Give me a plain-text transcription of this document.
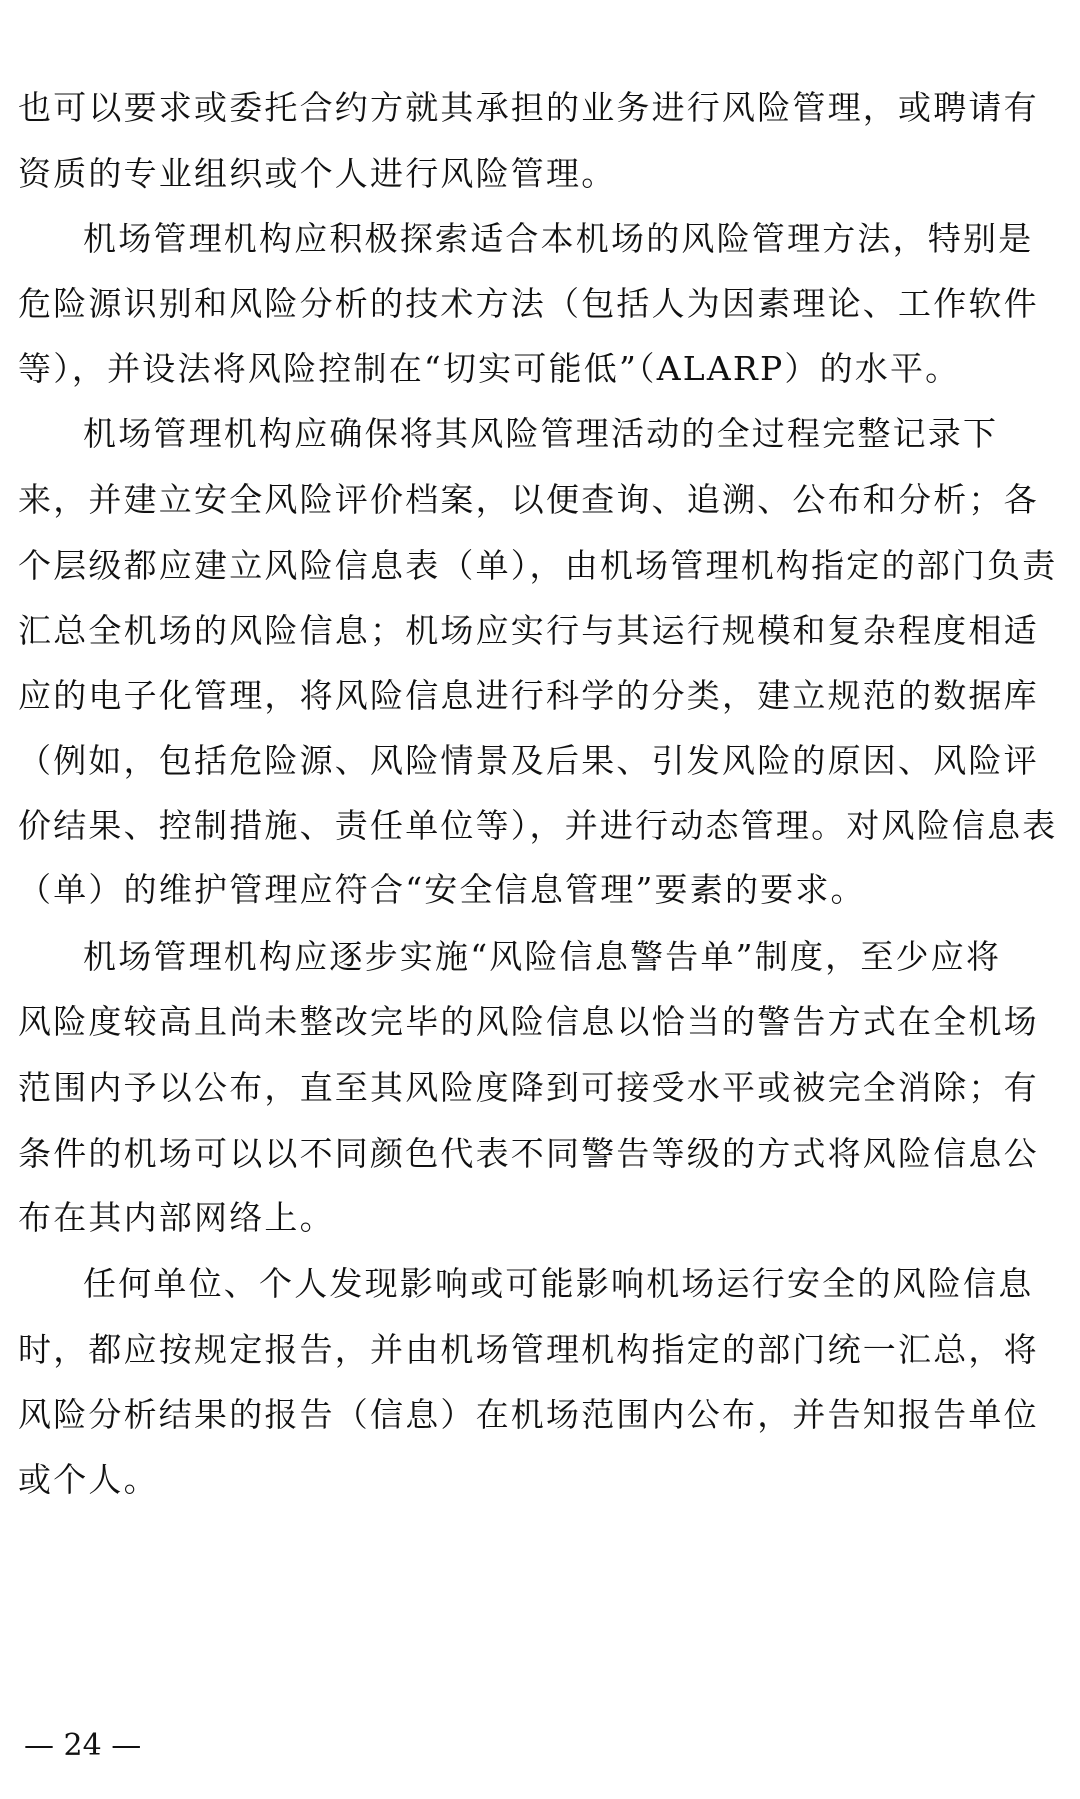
也可以要求或委托合约方就其承担的业务进行风险管理，或聘请有
资质的专业组织或个人进行风险管理。
机场管理机构应积极探索适合本机场的风险管理方法，特别是
危险源识别和风险分析的技术方法（包括人为因素理论、工作软件
等），并设法将风险控制在“切实可能低”（ALARP）的水平。
机场管理机构应确保将其风险管理活动的全过程完整记录下
来，并建立安全风险评价档案，以便查询、追溯、公布和分析；各
个层级都应建立风险信息表（单），由机场管理机构指定的部门负责
汇总全机场的风险信息；机场应实行与其运行规模和复杂程度相适
应的电子化管理，将风险信息进行科学的分类，建立规范的数据库
（例如，包括危险源、风险情景及后果、引发风险的原因、风险评
价结果、控制措施、责任单位等），并进行动态管理。对风险信息表
（单）的维护管理应符合“安全信息管理”要素的要求。
机场管理机构应逐步实施“风险信息警告单”制度，至少应将
风险度较高且尚未整改完毕的风险信息以恰当的警告方式在全机场
范围内予以公布，直至其风险度降到可接受水平或被完全消除；有
条件的机场可以以不同颜色代表不同警告等级的方式将风险信息公
布在其内部网络上。
任何单位、个人发现影响或可能影响机场运行安全的风险信息
时，都应按规定报告，并由机场管理机构指定的部门统一汇总，将
风险分析结果的报告（信息）在机场范围内公布，并告知报告单位
或个人。
— 24 —
